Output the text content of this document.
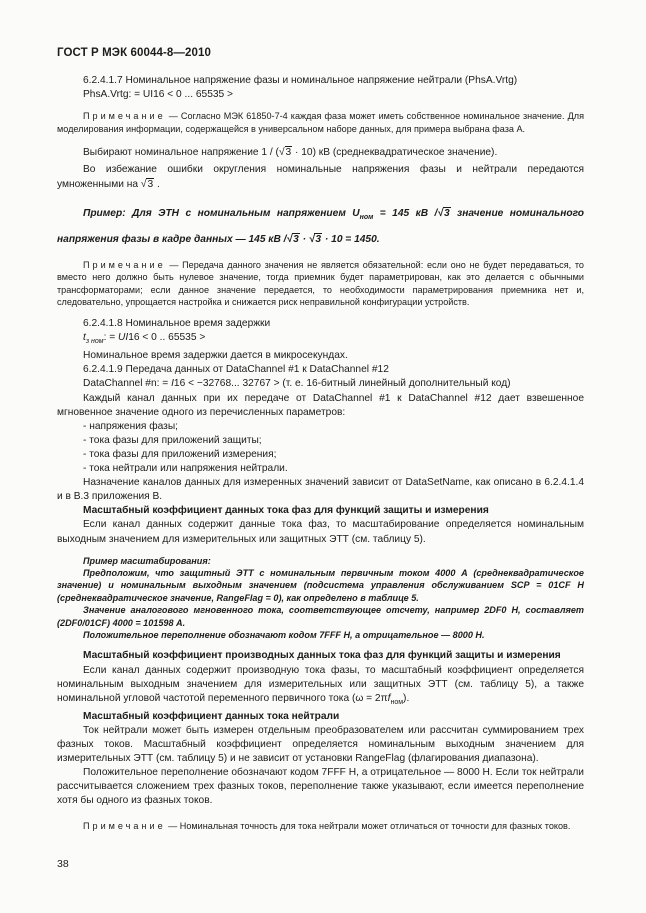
ГОСТ Р МЭК 60044-8—2010

6.2.4.1.7 Номинальное напряжение фазы и номинальное напряжение нейтрали (PhsA.Vrtg)

PhsA.Vrtg: = UI16 < 0 ... 65535 >

Примечание — Согласно МЭК 61850-7-4 каждая фаза может иметь собственное номинальное значение. Для моделирования информации, содержащейся в универсальном наборе данных, для примера выбрана фаза А.

Выбирают номинальное напряжение 1 / (√3 · 10) кВ (среднеквадратическое значение).

Во избежание ошибки округления номинальные напряжения фазы и нейтрали передаются умноженными на √3 .

Пример: Для ЭТН с номинальным напряжением $U_{ном} = 145$ кВ /√3 значение номинального напряжения фазы в кадре данных — 145 кВ /√3 · √3 · 10 = 1450.

Примечание — Передача данного значения не является обязательной: если оно не будет передаваться, то вместо него должно быть нулевое значение, тогда приемник будет параметрирован, как это делается с обычными трансформаторами; если данное значение передается, то необходимости параметрирования приемника нет и, следовательно, упрощается настройка и снижается риск неправильной конфигурации устройств.

6.2.4.1.8 Номинальное время задержки

$t_{з ном}$: = UI16 < 0 .. 65535 >

Номинальное время задержки дается в микросекундах.

6.2.4.1.9 Передача данных от DataChannel #1 к DataChannel #12

DataChannel #n: = I16 < −32768... 32767 > (т. е. 16-битный линейный дополнительный код)

Каждый канал данных при их передаче от DataChannel #1 к DataChannel #12 дает взвешенное мгновенное значение одного из перечисленных параметров:

- напряжения фазы;

- тока фазы для приложений защиты;

- тока фазы для приложений измерения;

- тока нейтрали или напряжения нейтрали.

Назначение каналов данных для измеренных значений зависит от DataSetName, как описано в 6.2.4.1.4 и в В.3 приложения В.

Масштабный коэффициент данных тока фаз для функций защиты и измерения

Если канал данных содержит данные тока фаз, то масштабирование определяется номинальным выходным значением для измерительных или защитных ЭТТ (см. таблицу 5).

Пример масштабирования:

Предположим, что защитный ЭТТ с номинальным первичным током 4000 А (среднеквадратическое значение) и номинальным выходным значением (подсистема управления обслуживанием SCP = 01CF H (среднеквадратическое значение, RangeFlag = 0), как определено в таблице 5.

Значение аналогового мгновенного тока, соответствующее отсчету, например 2DF0 H, составляет (2DF0/01CF) 4000 = 101598 А.

Положительное переполнение обозначают кодом 7FFF H, а отрицательное — 8000 H.

Масштабный коэффициент производных данных тока фаз для функций защиты и измерения

Если канал данных содержит производную тока фазы, то масштабный коэффициент определяется номинальным выходным значением для измерительных или защитных ЭТТ (см. таблицу 5), а также номинальной угловой частотой переменного первичного тока $(\omega = 2\pi f_{ном})$.

Масштабный коэффициент данных тока нейтрали

Ток нейтрали может быть измерен отдельным преобразователем или рассчитан суммированием трех фазных токов. Масштабный коэффициент определяется номинальным выходным значением для измерительных ЭТТ (см. таблицу 5) и не зависит от установки RangeFlag (флагирования диапазона).

Положительное переполнение обозначают кодом 7FFF H, а отрицательное — 8000 H. Если ток нейтрали рассчитывается сложением трех фазных токов, переполнение также указывают, если имеется переполнение хотя бы одного из фазных токов.

Примечание — Номинальная точность для тока нейтрали может отличаться от точности для фазных токов.

38
